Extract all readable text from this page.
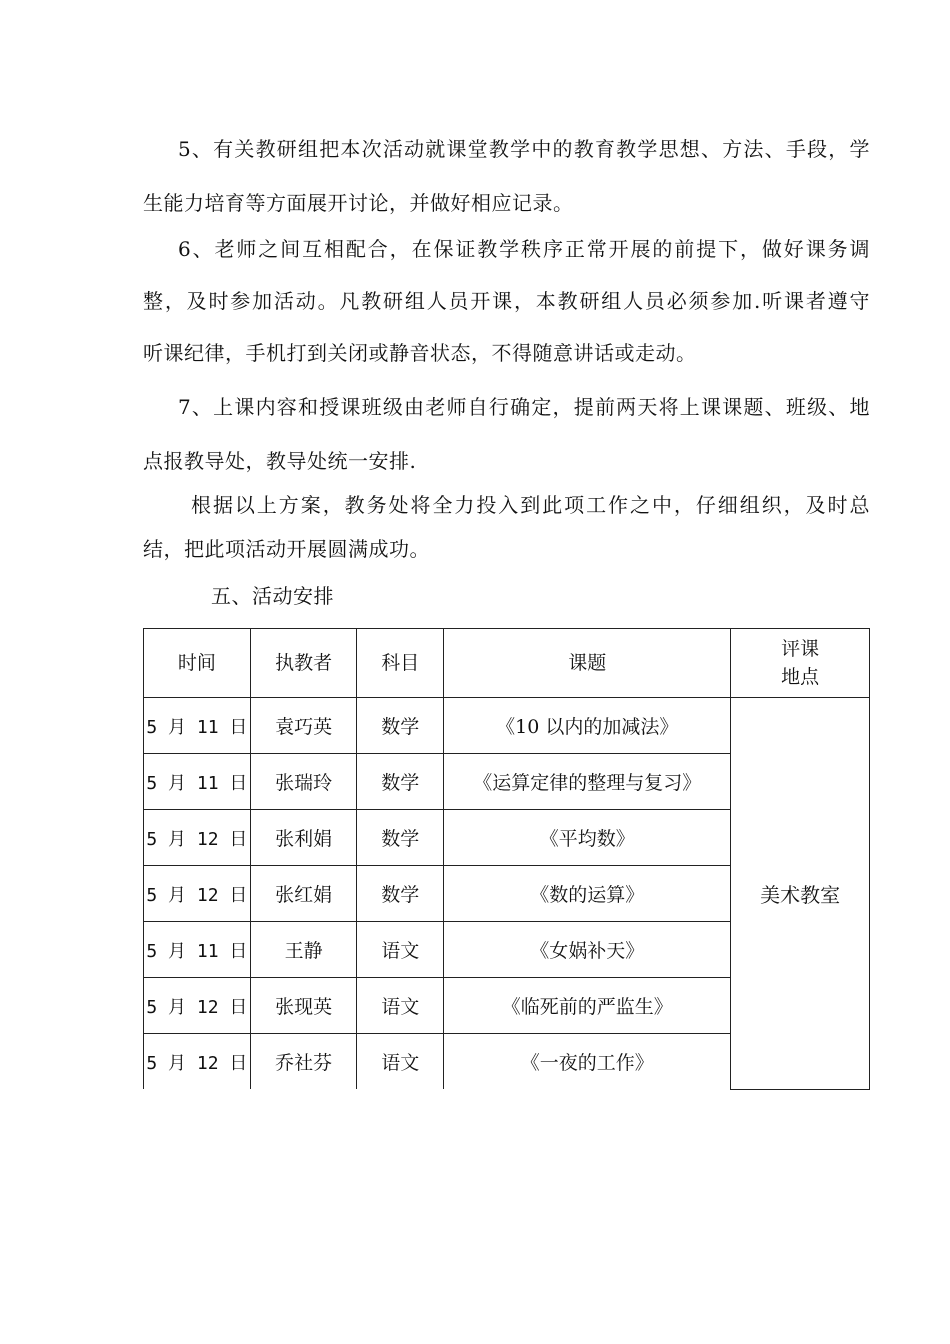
5、有关教研组把本次活动就课堂教学中的教育教学思想、方法、手段，学
生能力培育等方面展开讨论，并做好相应记录。

6、老师之间互相配合，在保证教学秩序正常开展的前提下，做好课务调
整，及时参加活动。凡教研组人员开课，本教研组人员必须参加.听课者遵守
听课纪律，手机打到关闭或静音状态，不得随意讲话或走动。

7、上课内容和授课班级由老师自行确定，提前两天将上课课题、班级、地
点报教导处，教导处统一安排.

根据以上方案，教务处将全力投入到此项工作之中，仔细组织，及时总
结，把此项活动开展圆满成功。

五、活动安排
时间	执教者	科目	课题	评课
地点

5 月 11 日	袁巧英	数学	《10 以内的加减法》	美术教室
5 月 11 日	张瑞玲	数学	《运算定律的整理与复习》	
5 月 12 日	张利娟	数学	《平均数》	
5 月 12 日	张红娟	数学	《数的运算》	
5 月 11 日	王静	语文	《女娲补天》	
5 月 12 日	张现英	语文	《临死前的严监生》	
5 月 12 日	乔社芬	语文	《一夜的工作》	
